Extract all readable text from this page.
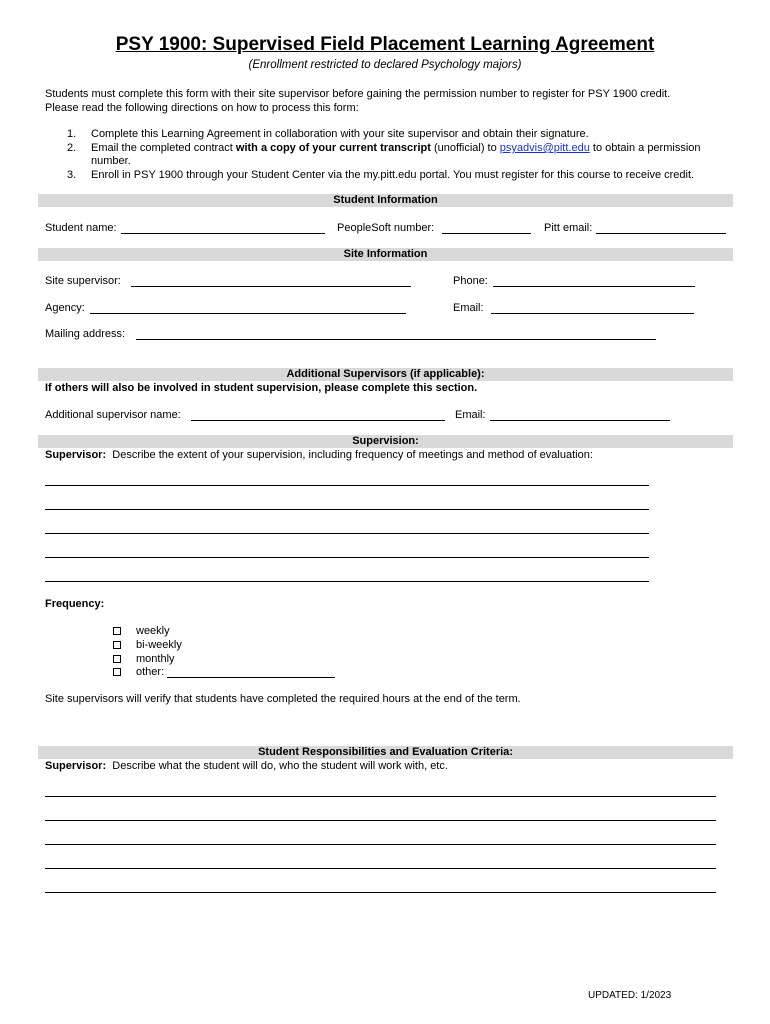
PSY 1900: Supervised Field Placement Learning Agreement
(Enrollment restricted to declared Psychology majors)
Students must complete this form with their site supervisor before gaining the permission number to register for PSY 1900 credit.
Please read the following directions on how to process this form:
1. Complete this Learning Agreement in collaboration with your site supervisor and obtain their signature.
2. Email the completed contract with a copy of your current transcript (unofficial) to psyadvis@pitt.edu to obtain a permission
number.
3. Enroll in PSY 1900 through your Student Center via the my.pitt.edu portal. You must register for this course to receive credit.
Student Information
Student name:	PeopleSoft number:	Pitt email:
Site Information
Site supervisor:	Phone:
Agency:	Email:
Mailing address:
Additional Supervisors (if applicable):
If others will also be involved in student supervision, please complete this section.
Additional supervisor name:	Email:
Supervision:
Supervisor: Describe the extent of your supervision, including frequency of meetings and method of evaluation:
Frequency:
weekly
bi-weekly
monthly
other:
Site supervisors will verify that students have completed the required hours at the end of the term.
Student Responsibilities and Evaluation Criteria:
Supervisor: Describe what the student will do, who the student will work with, etc.
UPDATED: 1/2023
